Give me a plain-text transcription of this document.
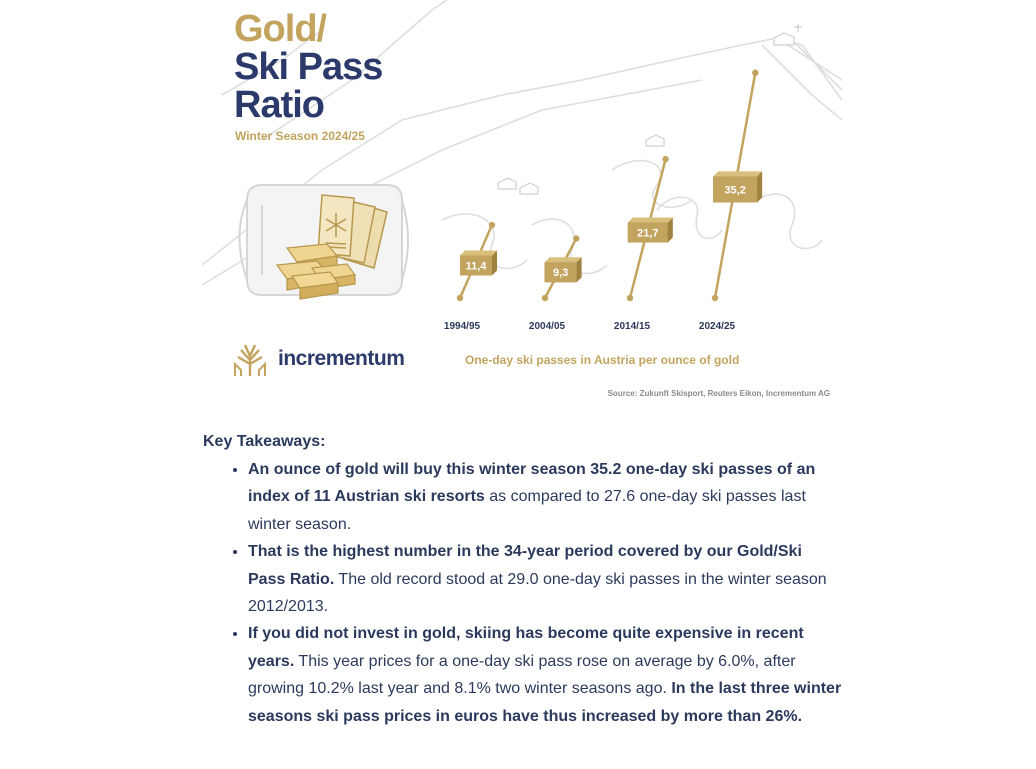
11,4
1994/95
9,3
2004/05
21,7
2014/15
35,2
2024/25
Gold/
Ski Pass
Ratio
Winter Season 2024/25
incrementum	One-day ski passes in Austria per ounce of gold
Source: Zukunft Skisport, Reuters Eikon, Incrementum AG
Key Takeaways:
• An ounce of gold will buy this winter season 35.2 one-day ski passes of an index of 11 Austrian ski resorts as compared to 27.6 one-day ski passes last winter season.
• That is the highest number in the 34-year period covered by our Gold/Ski Pass Ratio. The old record stood at 29.0 one-day ski passes in the winter season 2012/2013.
• If you did not invest in gold, skiing has become quite expensive in recent years. This year prices for a one-day ski pass rose on average by 6.0%, after growing 10.2% last year and 8.1% two winter seasons ago. In the last three winter seasons ski pass prices in euros have thus increased by more than 26%.
